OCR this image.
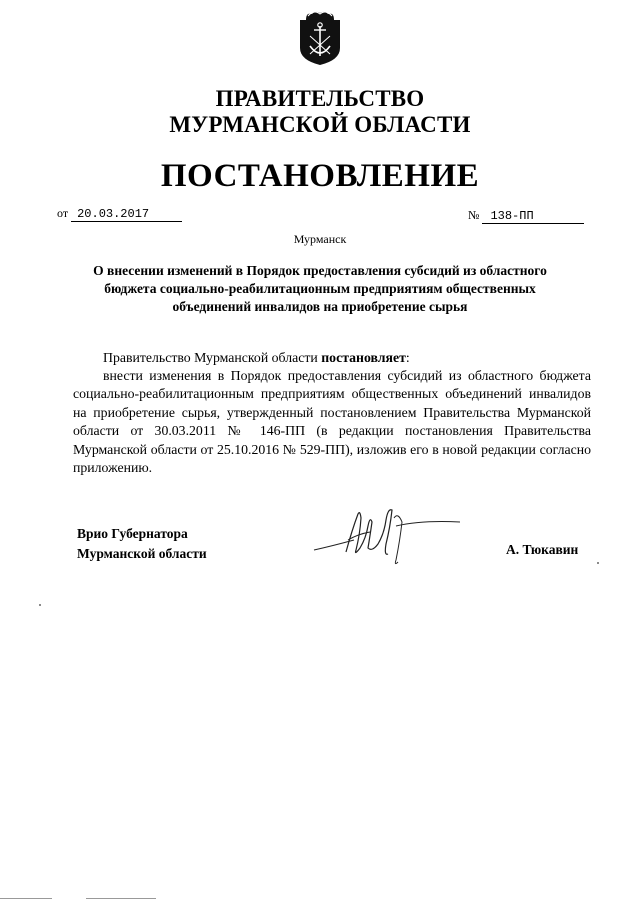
ПРАВИТЕЛЬСТВО
МУРМАНСКОЙ ОБЛАСТИ
ПОСТАНОВЛЕНИЕ
от 20.03.2017	№ 138-ПП
Мурманск
О внесении изменений в Порядок предоставления субсидий из областного бюджета социально-реабилитационным предприятиям общественных объединений инвалидов на приобретение сырья
Правительство Мурманской области постановляет:
внести изменения в Порядок предоставления субсидий из областного бюджета социально-реабилитационным предприятиям общественных объединений инвалидов на приобретение сырья, утвержденный постановлением Правительства Мурманской области от 30.03.2011 № 146-ПП (в редакции постановления Правительства Мурманской области от 25.10.2016 № 529-ПП), изложив его в новой редакции согласно приложению.
Врио Губернатора
Мурманской области	А. Тюкавин
